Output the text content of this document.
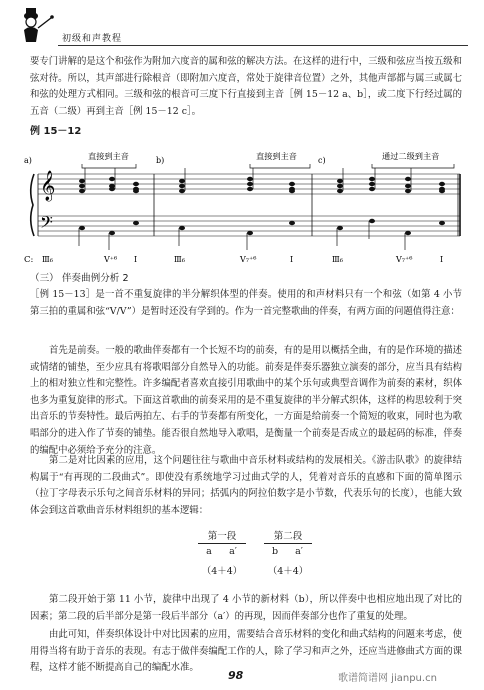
初级和声教程
要专门讲解的是这个和弦作为附加六度音的属和弦的解决方法。在这样的进行中，三级和弦应当按五级和弦对待。所以，其声部进行除根音（即附加六度音，常处于旋律音位置）之外，其他声部都与属三或属七和弦的处理方式相同。三级和弦的根音可三度下行直接到主音［例 15－12 a、b］，或二度下行经过属的五音（二级）再到主音［例 15－12 c］。
例 15－12
a)	b)	c)
直接到主音	直接到主音	通过二级到主音
𝄞
𝄢
C: Ⅲ₆	V⁺⁶ Ⅰ	Ⅲ₆	V₇⁺⁶	Ⅰ	Ⅲ₆	V₇⁺⁶	Ⅰ
（三） 伴奏曲例分析 2
［例 15－13］是一首不重复旋律的半分解织体型的伴奏。使用的和声材料只有一个和弦（如第 4 小节第三拍的重属和弦“V/V”）是暂时还没有学到的。作为一首完整歌曲的伴奏，有两方面的问题值得注意：
首先是前奏。一般的歌曲伴奏都有一个长短不均的前奏，有的是用以概括全曲，有的是作环境的描述或情绪的铺垫，至少应具有将歌唱部分自然导入的功能。前奏是伴奏乐器独立演奏的部分，应当具有结构上的相对独立性和完整性。许多编配者喜欢直接引用歌曲中的某个乐句或典型音调作为前奏的素材，织体也多为重复旋律的形式。下面这首歌曲的前奏采用的是不重复旋律的半分解式织体，这样的构思较利于突出音乐的节奏特性。最后两拍左、右手的节奏都有所变化，一方面是给前奏一个简短的收束，同时也为歌唱部分的进入作了节奏的铺垫。能否很自然地导入歌唱，是衡量一个前奏是否成立的最起码的标准，伴奏的编配中必须给予充分的注意。
第二是对比因素的应用，这个问题往往与歌曲中音乐材料或结构的发展相关。《游击队歌》的旋律结构属于“有再现的二段曲式”。即使没有系统地学习过曲式学的人，凭着对音乐的直感和下面的简单图示（拉丁字母表示乐句之间音乐材料的异同；括弧内的阿拉伯数字是小节数，代表乐句的长度），也能大致体会到这首歌曲音乐材料组织的基本逻辑：
第一段
a	a′
（4＋4）
第二段
b	a′
（4＋4）
第二段开始于第 11 小节，旋律中出现了 4 小节的新材料（b），所以伴奏中也相应地出现了对比的因素；第二段的后半部分是第一段后半部分（a′）的再现，因而伴奏部分也作了重复的处理。
由此可知，伴奏织体设计中对比因素的应用，需要结合音乐材料的变化和曲式结构的问题来考虑，使用得当将有助于音乐的表现。有志于做伴奏编配工作的人，除了学习和声之外，还应当进修曲式方面的课程，这样才能不断提高自己的编配水准。
98	歌谱简谱网 jianpu.cn
